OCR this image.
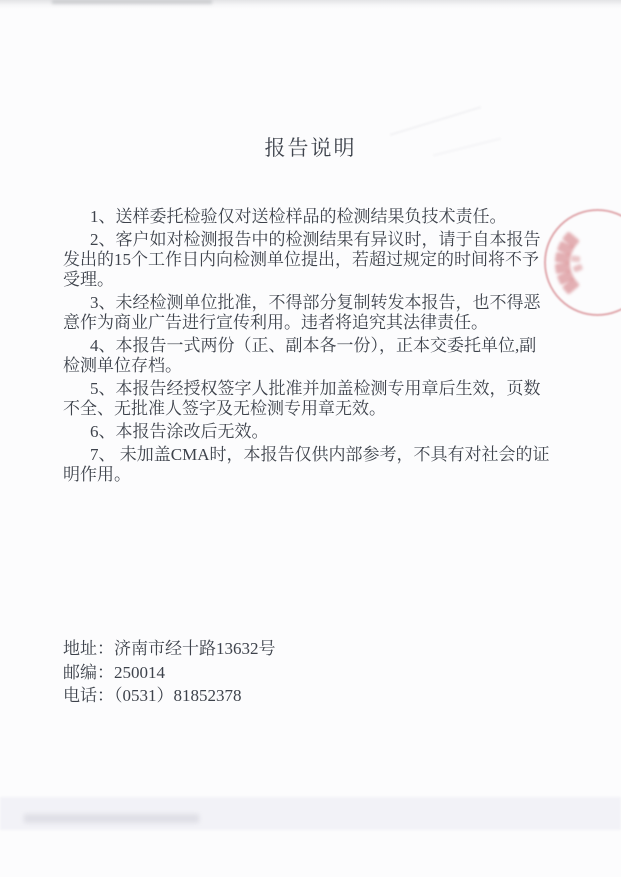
报告说明

1、送样委托检验仅对送检样品的检测结果负技术责任。

2、客户如对检测报告中的检测结果有异议时，请于自本报告发出的15个工作日内向检测单位提出，若超过规定的时间将不予受理。

3、未经检测单位批准，不得部分复制转发本报告，也不得恶意作为商业广告进行宣传利用。违者将追究其法律责任。

4、本报告一式两份（正、副本各一份），正本交委托单位,副检测单位存档。

5、本报告经授权签字人批准并加盖检测专用章后生效，页数不全、无批准人签字及无检测专用章无效。

6、本报告涂改后无效。

7、 未加盖CMA时，本报告仅供内部参考，不具有对社会的证明作用。

地址：济南市经十路13632号
邮编：250014
电话：（0531）81852378
